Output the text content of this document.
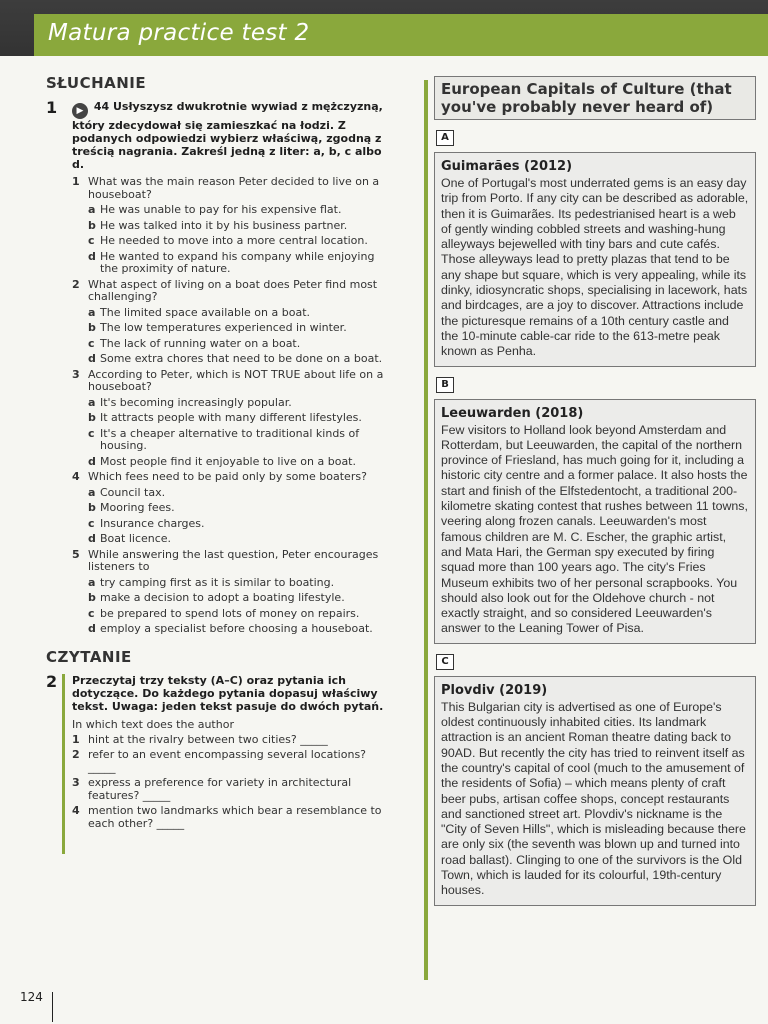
Matura practice test 2
SŁUCHANIE
1	▶ 44 Usłyszysz dwukrotnie wywiad z mężczyzną, który zdecydował się zamieszkać na łodzi. Z podanych odpowiedzi wybierz właściwą, zgodną z treścią nagrania. Zakreśl jedną z liter: a, b, c albo d.
1 What was the main reason Peter decided to live on a houseboat?
a He was unable to pay for his expensive flat.
b He was talked into it by his business partner.
c He needed to move into a more central location.
d He wanted to expand his company while enjoying the proximity of nature.
2 What aspect of living on a boat does Peter find most challenging?
a The limited space available on a boat.
b The low temperatures experienced in winter.
c The lack of running water on a boat.
d Some extra chores that need to be done on a boat.
3 According to Peter, which is NOT TRUE about life on a houseboat?
a It's becoming increasingly popular.
b It attracts people with many different lifestyles.
c It's a cheaper alternative to traditional kinds of housing.
d Most people find it enjoyable to live on a boat.
4 Which fees need to be paid only by some boaters?
a Council tax.
b Mooring fees.
c Insurance charges.
d Boat licence.
5 While answering the last question, Peter encourages listeners to
a try camping first as it is similar to boating.
b make a decision to adopt a boating lifestyle.
c be prepared to spend lots of money on repairs.
d employ a specialist before choosing a houseboat.
CZYTANIE
2 Przeczytaj trzy teksty (A–C) oraz pytania ich dotyczące. Do każdego pytania dopasuj właściwy tekst. Uwaga: jeden tekst pasuje do dwóch pytań.
In which text does the author
1 hint at the rivalry between two cities? _____
2 refer to an event encompassing several locations? _____
3 express a preference for variety in architectural features? _____
4 mention two landmarks which bear a resemblance to each other? _____
124
European Capitals of Culture (that you've probably never heard of)
A
Guimarães (2012)

One of Portugal's most underrated gems is an easy day trip from Porto. If any city can be described as adorable, then it is Guimarães. Its pedestrianised heart is a web of gently winding cobbled streets and washing-hung alleyways bejewelled with tiny bars and cute cafés. Those alleyways lead to pretty plazas that tend to be any shape but square, which is very appealing, while its dinky, idiosyncratic shops, specialising in lacework, hats and birdcages, are a joy to discover. Attractions include the picturesque remains of a 10th century castle and the 10-minute cable-car ride to the 613-metre peak known as Penha.

B
Leeuwarden (2018)

Few visitors to Holland look beyond Amsterdam and Rotterdam, but Leeuwarden, the capital of the northern province of Friesland, has much going for it, including a historic city centre and a former palace. It also hosts the start and finish of the Elfstedentocht, a traditional 200-kilometre skating contest that rushes between 11 towns, veering along frozen canals. Leeuwarden's most famous children are M. C. Escher, the graphic artist, and Mata Hari, the German spy executed by firing squad more than 100 years ago. The city's Fries Museum exhibits two of her personal scrapbooks. You should also look out for the Oldehove church - not exactly straight, and so considered Leeuwarden's answer to the Leaning Tower of Pisa.

C
Plovdiv (2019)

This Bulgarian city is advertised as one of Europe's oldest continuously inhabited cities. Its landmark attraction is an ancient Roman theatre dating back to 90AD. But recently the city has tried to reinvent itself as the country's capital of cool (much to the amusement of the residents of Sofia) – which means plenty of craft beer pubs, artisan coffee shops, concept restaurants and sanctioned street art. Plovdiv's nickname is the "City of Seven Hills", which is misleading because there are only six (the seventh was blown up and turned into road ballast). Clinging to one of the survivors is the Old Town, which is lauded for its colourful, 19th-century houses.
